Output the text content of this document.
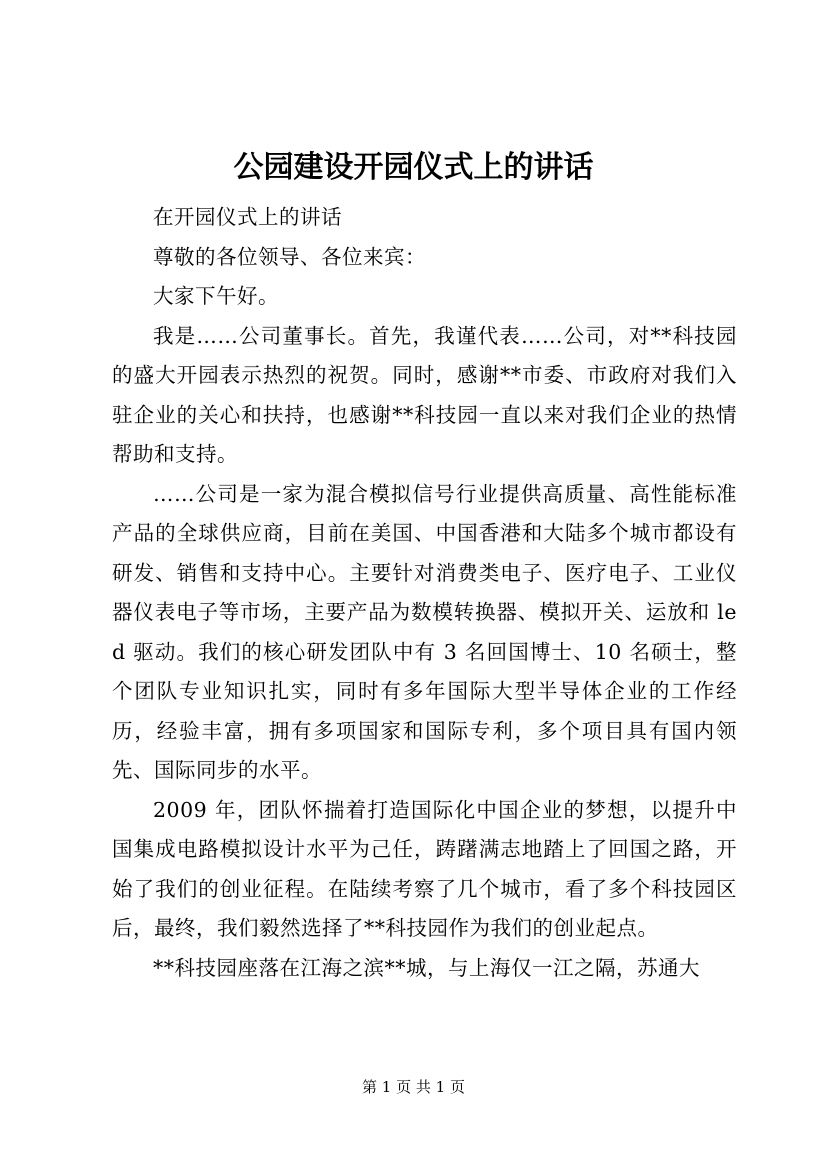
公园建设开园仪式上的讲话

在开园仪式上的讲话

尊敬的各位领导、各位来宾：

大家下午好。

我是……公司董事长。首先，我谨代表……公司，对**科技园的盛大开园表示热烈的祝贺。同时，感谢**市委、市政府对我们入驻企业的关心和扶持，也感谢**科技园一直以来对我们企业的热情帮助和支持。

……公司是一家为混合模拟信号行业提供高质量、高性能标准产品的全球供应商，目前在美国、中国香港和大陆多个城市都设有研发、销售和支持中心。主要针对消费类电子、医疗电子、工业仪器仪表电子等市场，主要产品为数模转换器、模拟开关、运放和 led 驱动。我们的核心研发团队中有 3 名回国博士、10 名硕士，整个团队专业知识扎实，同时有多年国际大型半导体企业的工作经历，经验丰富，拥有多项国家和国际专利，多个项目具有国内领先、国际同步的水平。

2009 年，团队怀揣着打造国际化中国企业的梦想，以提升中国集成电路模拟设计水平为己任，踌躇满志地踏上了回国之路，开始了我们的创业征程。在陆续考察了几个城市，看了多个科技园区后，最终，我们毅然选择了**科技园作为我们的创业起点。

**科技园座落在江海之滨**城，与上海仅一江之隔，苏通大

第 1 页 共 1 页
